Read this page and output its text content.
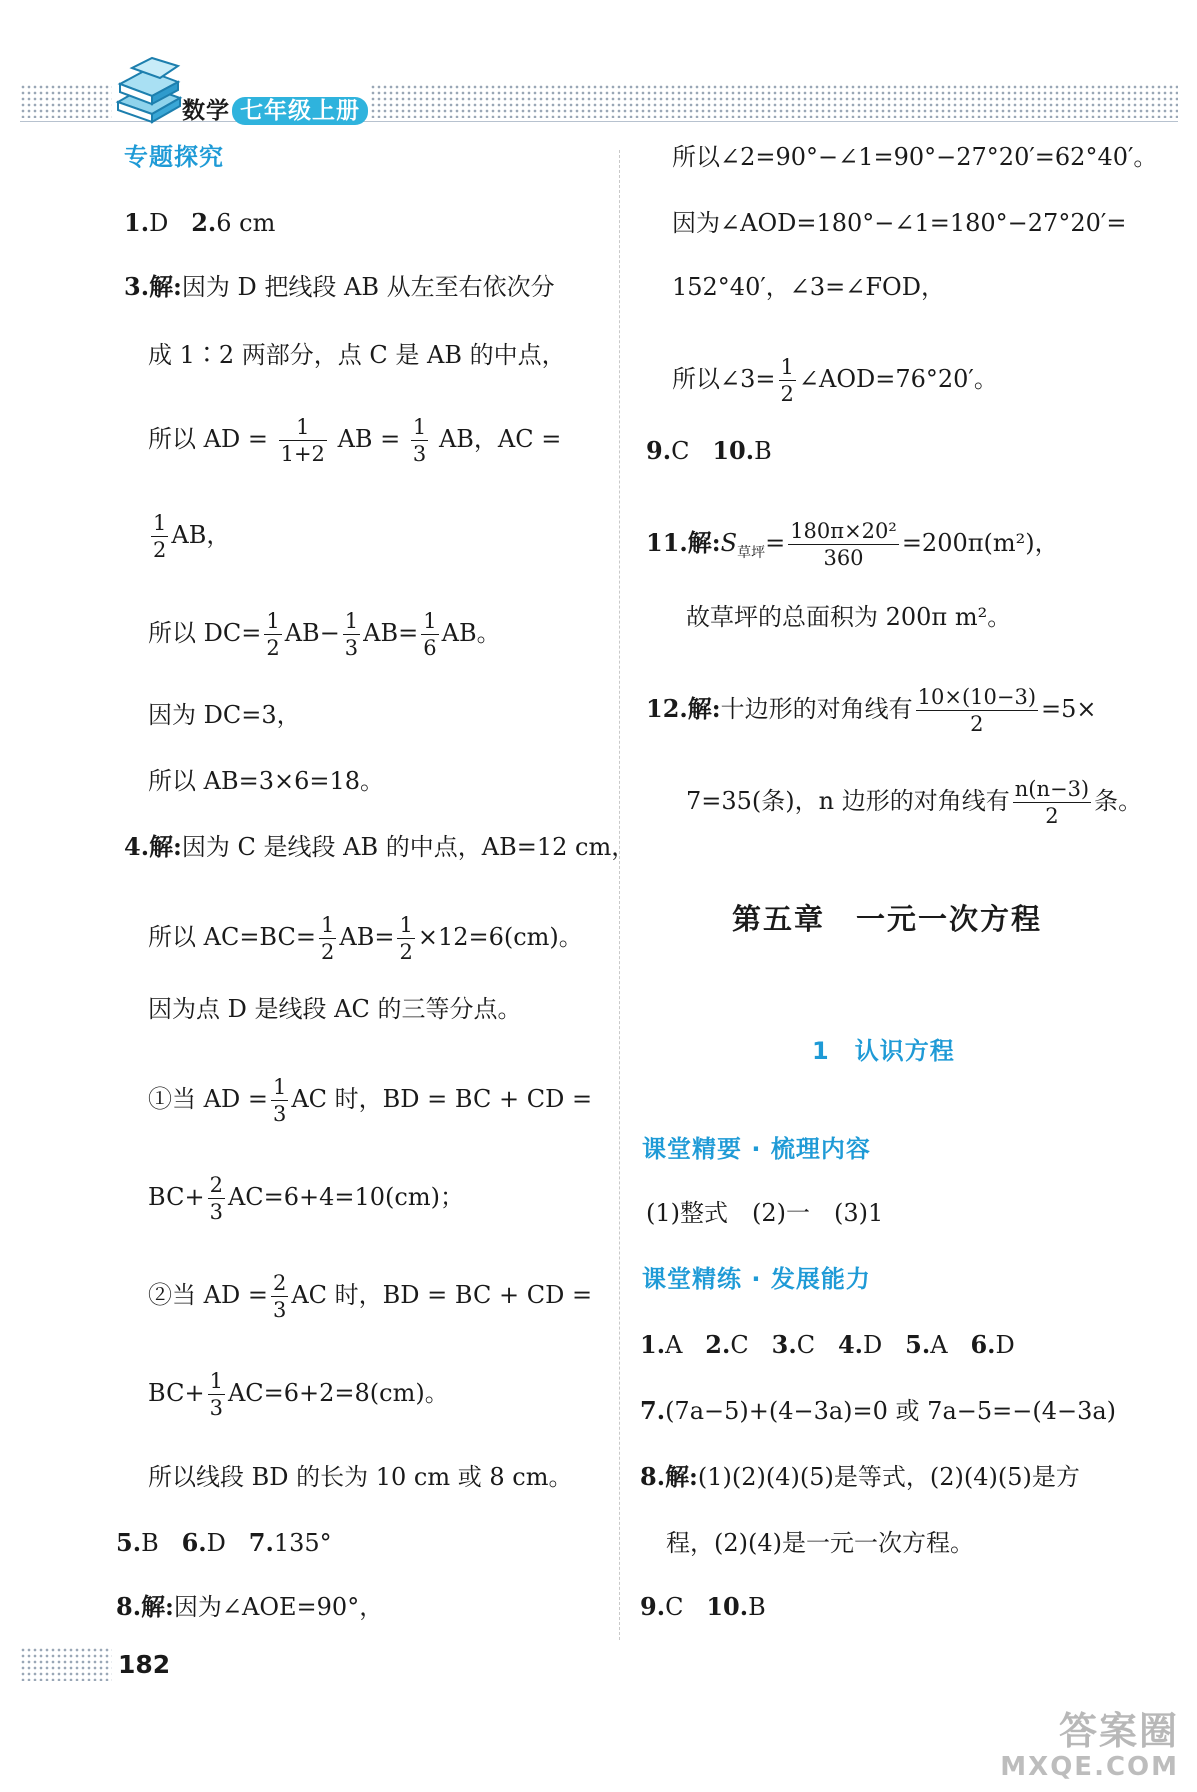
数学 七年级上册
专题探究
1.D 2.6 cm
3.解:因为 D 把线段 AB 从左至右依次分
成 1∶2 两部分，点 C 是 AB 的中点，
所以 AD = $\frac{1}{1+2}$ AB = $\frac{1}{3}$ AB，AC =
$\frac{1}{2}$ AB，
所以 $DC= \frac{1}{2} AB- \frac{1}{3} AB= \frac{1}{6}$ AB。
因为 DC=3，
所以 AB=3×6=18。
4.解:因为 C 是线段 AB 的中点，AB=12 cm，
所以 $AC=BC= \frac{1}{2} AB= \frac{1}{2} \times 12=6(cm)$。
因为点 D 是线段 AC 的三等分点。
①当 AD = $\frac{1}{3}$ AC 时，BD = BC + CD =
$BC+ \frac{2}{3} AC=6+4=10(cm)$；
②当 AD = $\frac{2}{3}$ AC 时，BD = BC + CD =
$BC+ \frac{1}{3} AC=6+2=8(cm)$。
所以线段 BD 的长为 10 cm 或 8 cm。
5.B 6.D 7.135°
8.解:因为∠AOE=90°，
所以∠2=90°−∠1=90°−27°20′=62°40′。
因为∠AOD=180°−∠1=180°−27°20′=
152°40′，∠3=∠FOD，
所以∠3= $\frac{1}{2}$ ∠AOD=76°20′。
9.C 10.B
11.解$:S_{草坪}= \frac{\text{180π×20²}}{360} =200\pi(m^2)$，
故草坪的总面积为 200π m²。
12.解:十边形的对角线有 $\frac{10\times(10-3)}{2} =5\times$
7=35(条)，n 边形的对角线有 $\frac{n(n-3)}{2}$ 条。
第五章　一元一次方程
1　认识方程
课堂精要 · 梳理内容
(1)整式　(2)一　(3)1
课堂精练 · 发展能力
1.A 2.C 3.C 4.D 5.A 6.D
7.(7a−5)+(4−3a)=0 或 7a−5=−(4−3a)
8.解:(1)(2)(4)(5)是等式，(2)(4)(5)是方
程，(2)(4)是一元一次方程。
9.C 10.B
182
答案圈
MXQE.COM
